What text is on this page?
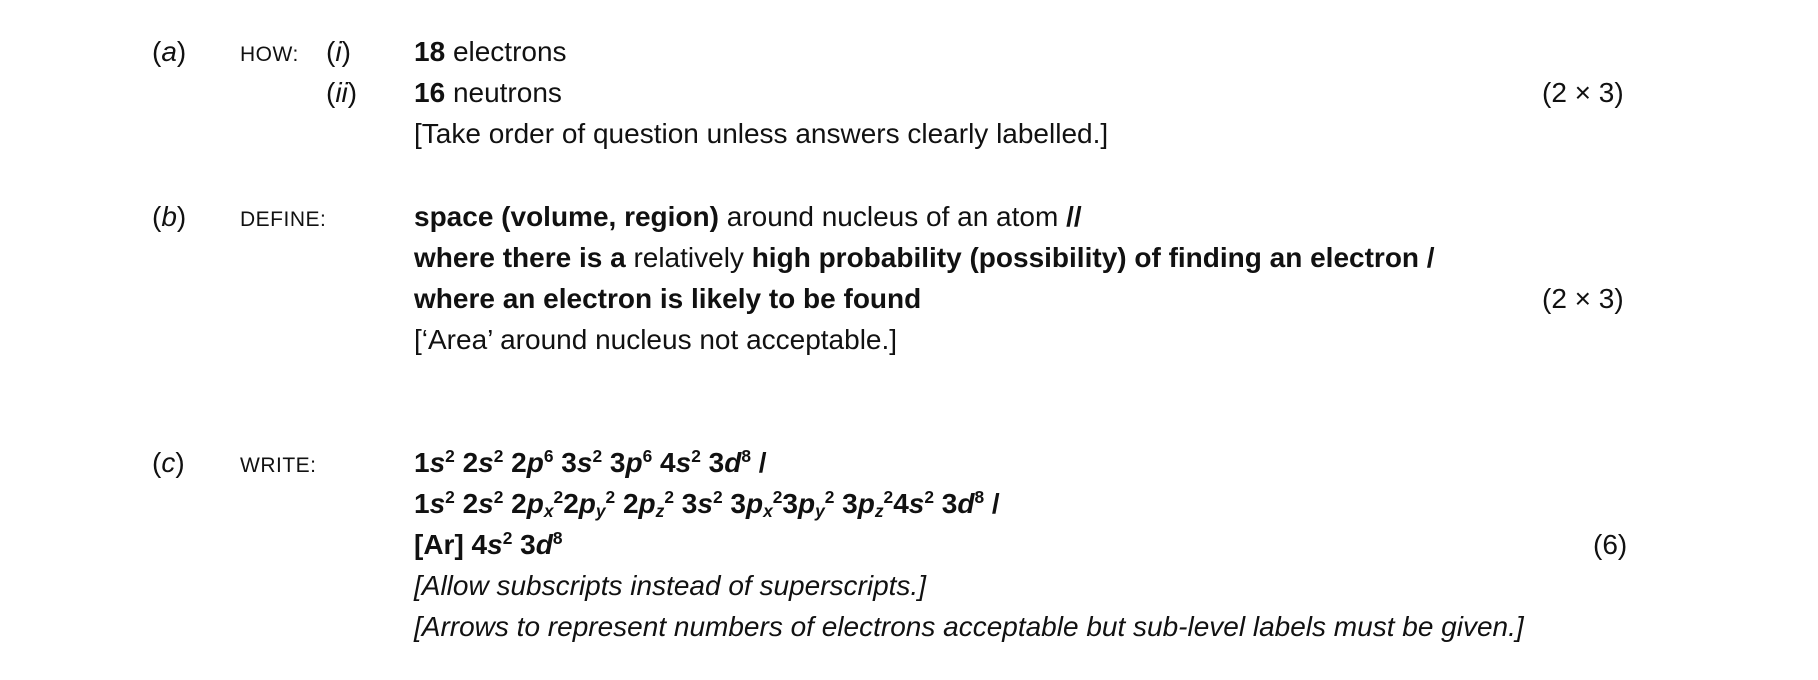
(a)	HOW: (i) 18 electrons
(ii) 16 neutrons	(2 × 3)
[Take order of question unless answers clearly labelled.]
(b)	DEFINE:	space (volume, region) around nucleus of an atom //
where there is a relatively high probability (possibility) of finding an electron /
where an electron is likely to be found	(2 × 3)
[‘Area’ around nucleus not acceptable.]
(c)	WRITE:	$1s^2$ $2s^2$ $2p^6$ $3s^2$ $3p^6$ $4s^2$ $3d^8$ /
$1s^2$ $2s^2$ $2px^22py^2$ $2pz^2$ $3s^2$ $3px^23py^2$ $3pz^24s^2$ $3d^8$ /
[Ar] $4s^2$ $3d^8$	(6)
[Allow subscripts instead of superscripts.]
[Arrows to represent numbers of electrons acceptable but sub-level labels must be given.]
